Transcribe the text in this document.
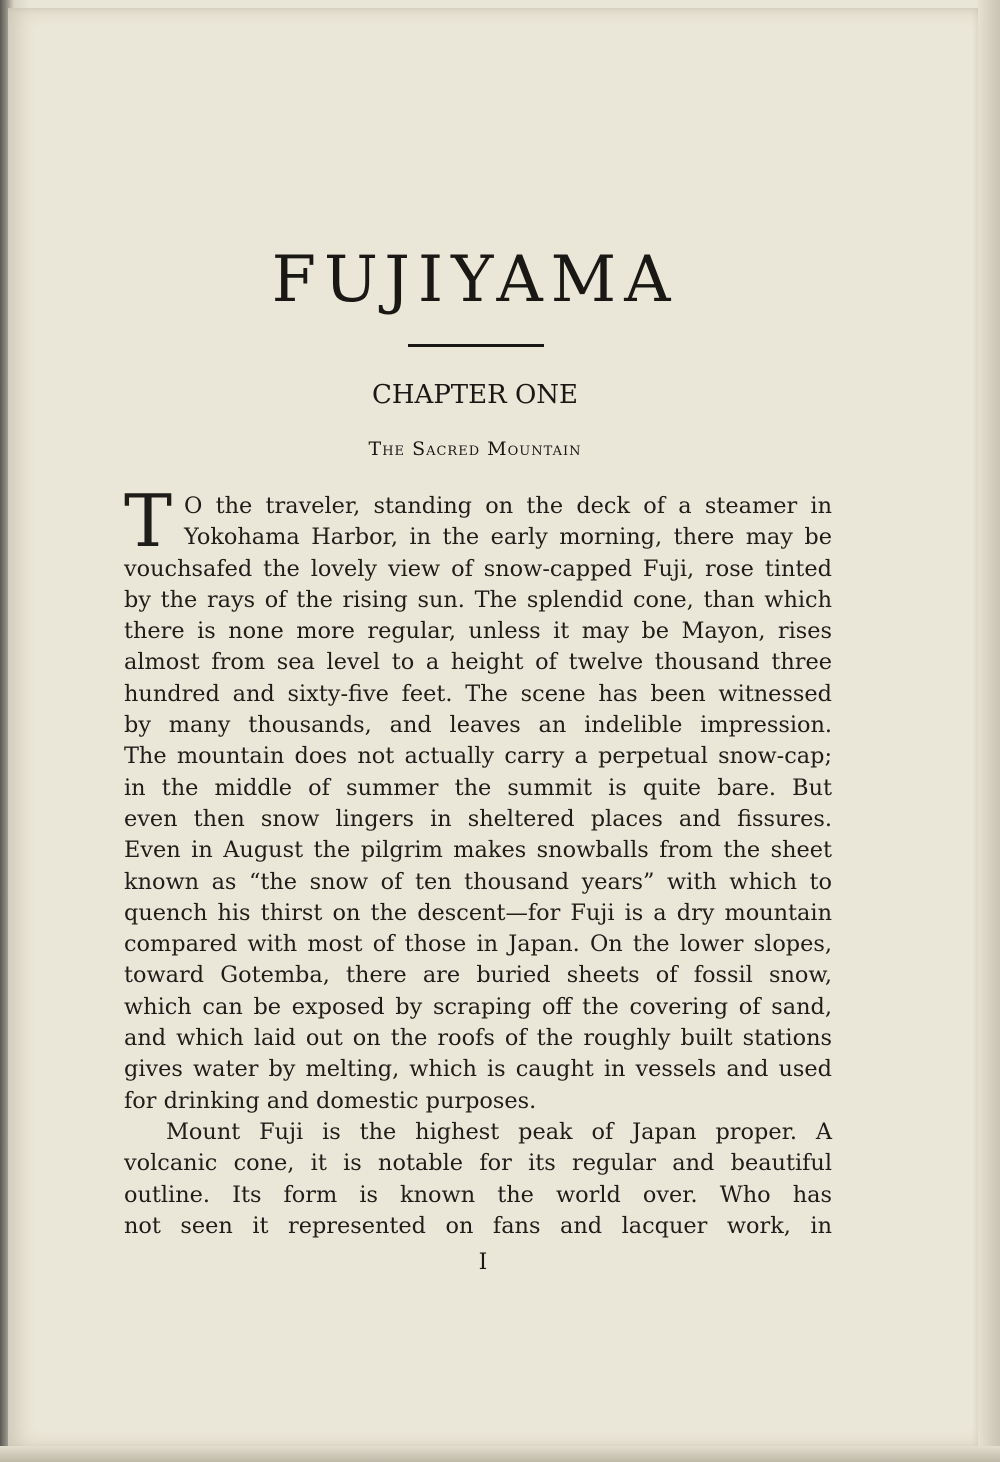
FUJIYAMA
CHAPTER ONE
The Sacred Mountain
T O the traveler, standing on the deck of a steamer in
Yokohama Harbor, in the early morning, there may be
vouchsafed the lovely view of snow-capped Fuji, rose tinted
by the rays of the rising sun. The splendid cone, than which
there is none more regular, unless it may be Mayon, rises
almost from sea level to a height of twelve thousand three
hundred and sixty-five feet. The scene has been witnessed
by many thousands, and leaves an indelible impression.
The mountain does not actually carry a perpetual snow-cap;
in the middle of summer the summit is quite bare. But
even then snow lingers in sheltered places and fissures.
Even in August the pilgrim makes snowballs from the sheet
known as “the snow of ten thousand years” with which to
quench his thirst on the descent—for Fuji is a dry mountain
compared with most of those in Japan. On the lower slopes,
toward Gotemba, there are buried sheets of fossil snow,
which can be exposed by scraping off the covering of sand,
and which laid out on the roofs of the roughly built stations
gives water by melting, which is caught in vessels and used
for drinking and domestic purposes.
Mount Fuji is the highest peak of Japan proper. A
volcanic cone, it is notable for its regular and beautiful
outline. Its form is known the world over. Who has
not seen it represented on fans and lacquer work, in
I
